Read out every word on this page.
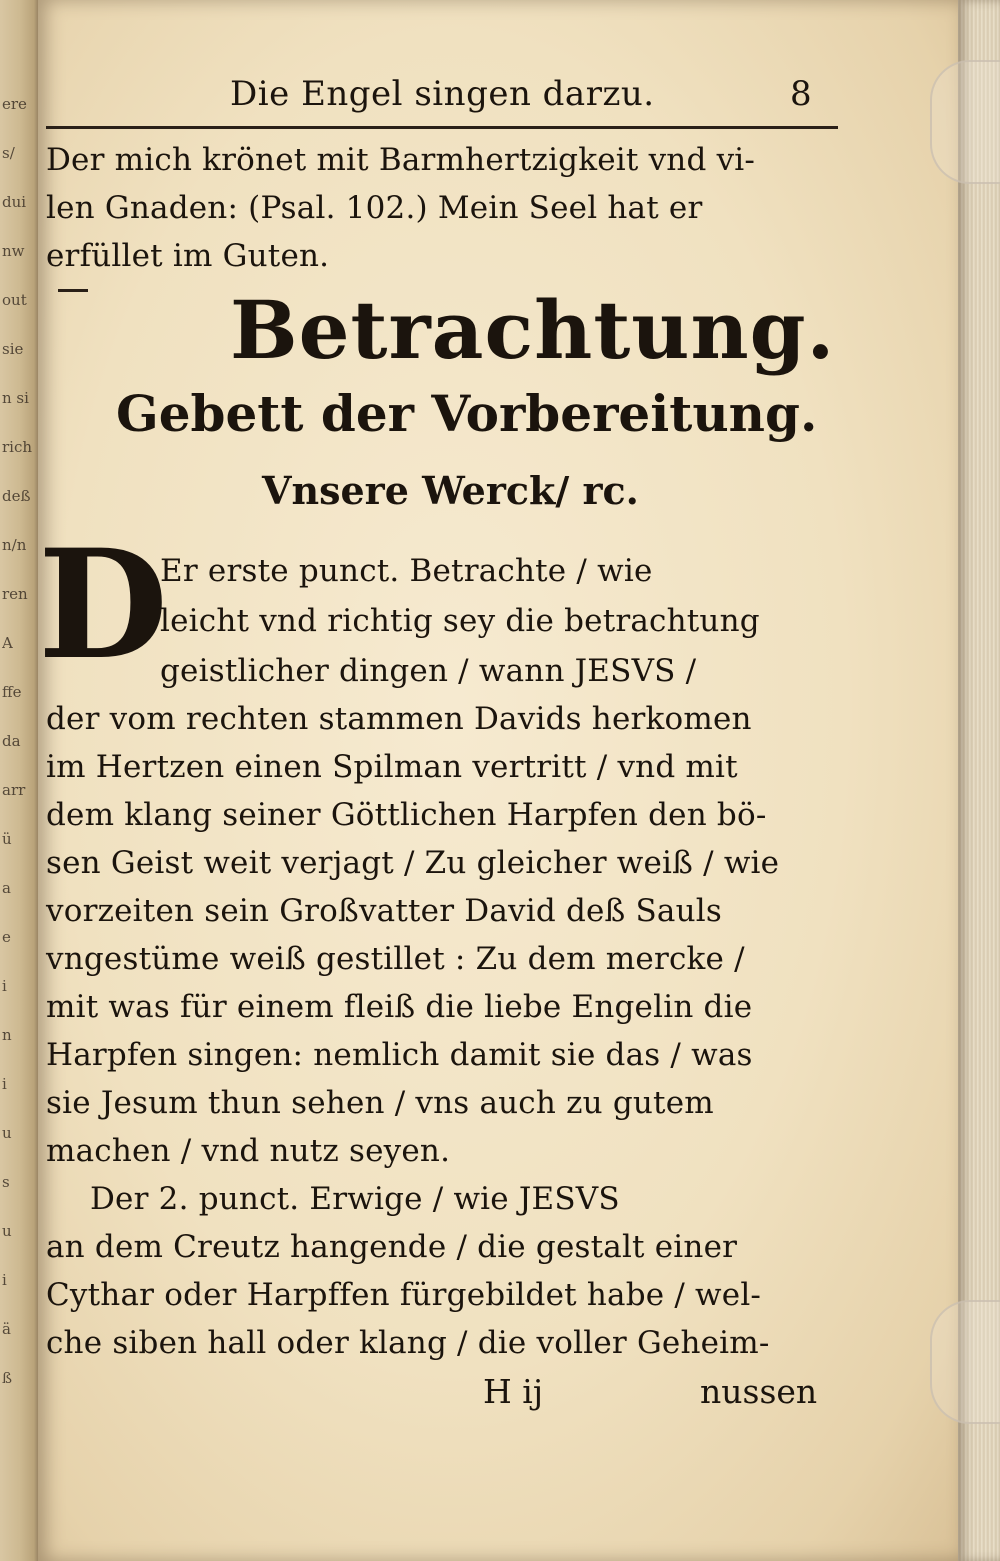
ere
s/
dui
nw
out
sie
n si
rich
deß
n/n
ren
A
ffe
da
arr
ü
a
e
i
n
i
u
s
u
i
ä
ß
Die Engel singen darzu.	8
Der mich krönet mit Barmhertzigkeit vnd vi-
len Gnaden: (Psal. 102.) Mein Seel hat er
erfüllet im Guten.
Betrachtung.
Gebett der Vorbereitung.
Vnsere Werck/ rc.
D
Er erste punct. Betrachte / wie
leicht vnd richtig sey die betrachtung
geistlicher dingen / wann JESVS /
der vom rechten stammen Davids herkomen
im Hertzen einen Spilman vertritt / vnd mit
dem klang seiner Göttlichen Harpfen den bö-
sen Geist weit verjagt / Zu gleicher weiß / wie
vorzeiten sein Großvatter David deß Sauls
vngestüme weiß gestillet : Zu dem mercke /
mit was für einem fleiß die liebe Engelin die
Harpfen singen: nemlich damit sie das / was
sie Jesum thun sehen / vns auch zu gutem
machen / vnd nutz seyen.
Der 2. punct. Erwige / wie JESVS
an dem Creutz hangende / die gestalt einer
Cythar oder Harpffen fürgebildet habe / wel-
che siben hall oder klang / die voller Geheim-
H ij	nussen
